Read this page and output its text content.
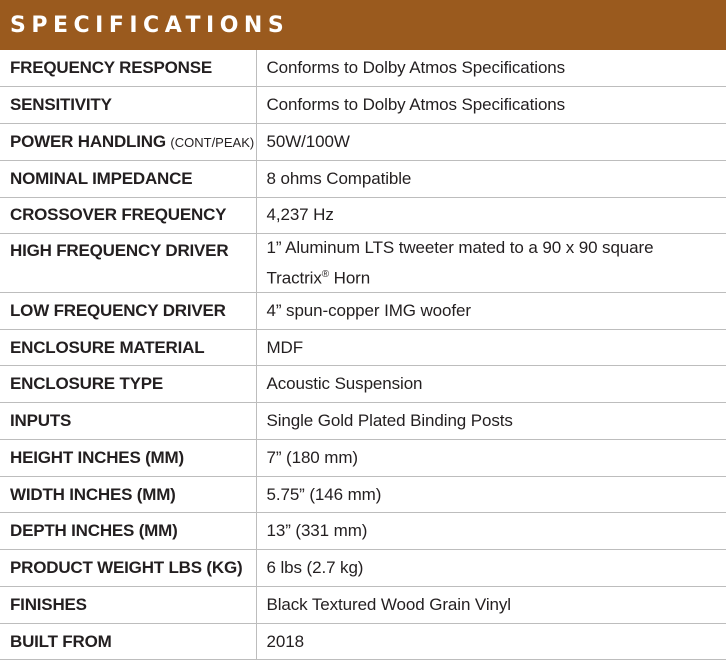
SPECIFICATIONS
FREQUENCY RESPONSE	Conforms to Dolby Atmos Specifications
SENSITIVITY	Conforms to Dolby Atmos Specifications
POWER HANDLING (CONT/PEAK)	50W/100W
NOMINAL IMPEDANCE	8 ohms Compatible
CROSSOVER FREQUENCY	4,237 Hz
HIGH FREQUENCY DRIVER	1” Aluminum LTS tweeter mated to a 90 x 90 square
Tractrix® Horn
LOW FREQUENCY DRIVER	4” spun-copper IMG woofer
ENCLOSURE MATERIAL	MDF
ENCLOSURE TYPE	Acoustic Suspension
INPUTS	Single Gold Plated Binding Posts
HEIGHT INCHES (MM)	7” (180 mm)
WIDTH INCHES (MM)	5.75” (146 mm)
DEPTH INCHES (MM)	13” (331 mm)
PRODUCT WEIGHT LBS (KG)	6 lbs (2.7 kg)
FINISHES	Black Textured Wood Grain Vinyl
BUILT FROM	2018
